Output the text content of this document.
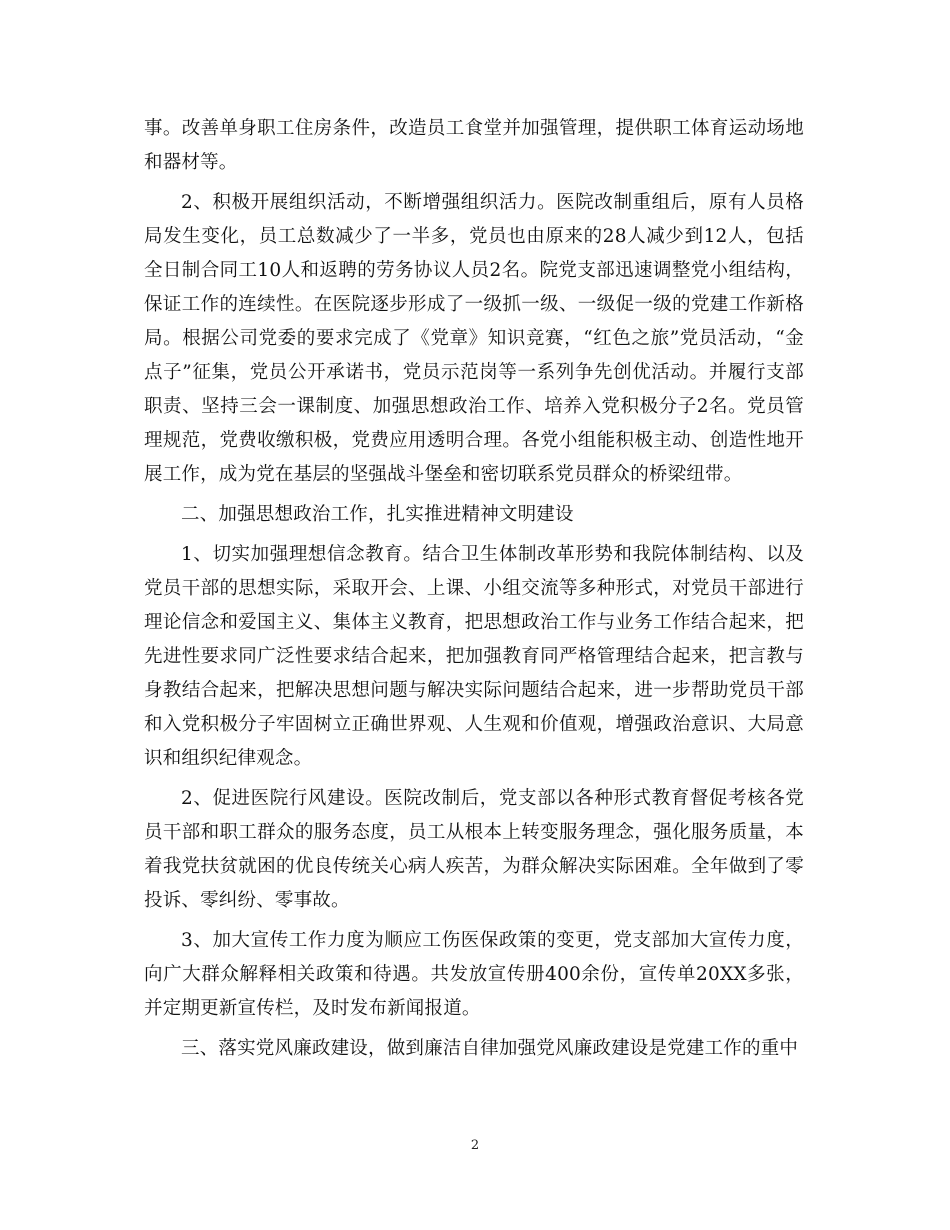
事。改善单身职工住房条件，改造员工食堂并加强管理，提供职工体育运动场地和器材等。

2、积极开展组织活动，不断增强组织活力。医院改制重组后，原有人员格局发生变化，员工总数减少了一半多，党员也由原来的28人减少到12人，包括全日制合同工10人和返聘的劳务协议人员2名。院党支部迅速调整党小组结构，保证工作的连续性。在医院逐步形成了一级抓一级、一级促一级的党建工作新格局。根据公司党委的要求完成了《党章》知识竞赛，“红色之旅”党员活动，“金点子”征集，党员公开承诺书，党员示范岗等一系列争先创优活动。并履行支部职责、坚持三会一课制度、加强思想政治工作、培养入党积极分子2名。党员管理规范，党费收缴积极，党费应用透明合理。各党小组能积极主动、创造性地开展工作，成为党在基层的坚强战斗堡垒和密切联系党员群众的桥梁纽带。

二、加强思想政治工作，扎实推进精神文明建设

1、切实加强理想信念教育。结合卫生体制改革形势和我院体制结构、以及党员干部的思想实际，采取开会、上课、小组交流等多种形式，对党员干部进行理论信念和爱国主义、集体主义教育，把思想政治工作与业务工作结合起来，把先进性要求同广泛性要求结合起来，把加强教育同严格管理结合起来，把言教与身教结合起来，把解决思想问题与解决实际问题结合起来，进一步帮助党员干部和入党积极分子牢固树立正确世界观、人生观和价值观，增强政治意识、大局意识和组织纪律观念。

2、促进医院行风建设。医院改制后，党支部以各种形式教育督促考核各党员干部和职工群众的服务态度，员工从根本上转变服务理念，强化服务质量，本着我党扶贫就困的优良传统关心病人疾苦，为群众解决实际困难。全年做到了零投诉、零纠纷、零事故。

3、加大宣传工作力度为顺应工伤医保政策的变更，党支部加大宣传力度，向广大群众解释相关政策和待遇。共发放宣传册400余份，宣传单20XX多张，并定期更新宣传栏，及时发布新闻报道。

三、落实党风廉政建设，做到廉洁自律加强党风廉政建设是党建工作的重中

2
